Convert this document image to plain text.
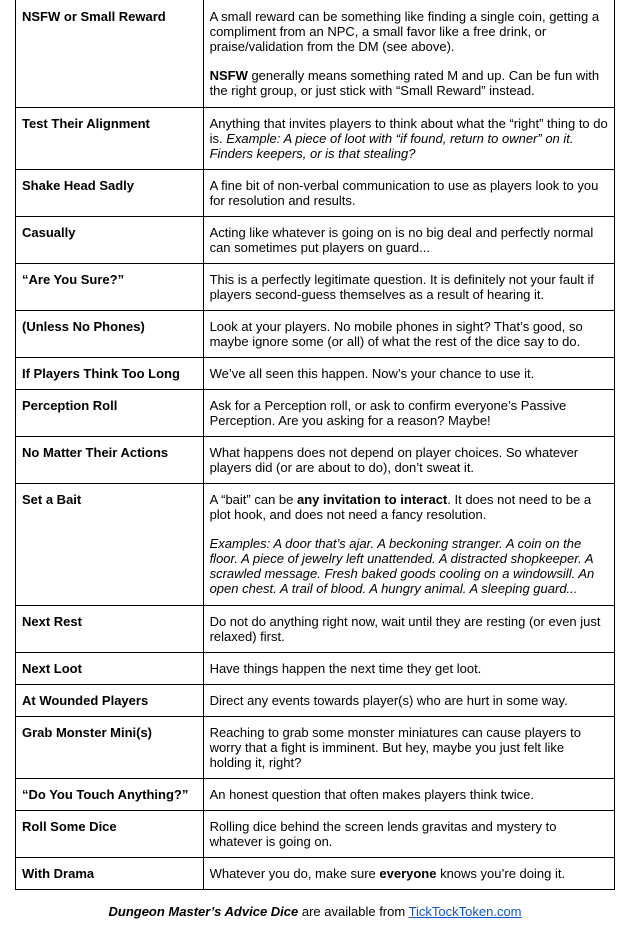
NSFW or Small Reward	A small reward can be something like finding a single coin, getting a compliment from an NPC, a small favor like a free drink, or praise/validation from the DM (see above).

NSFW generally means something rated M and up. Can be fun with the right group, or just stick with “Small Reward” instead.

Test Their Alignment	Anything that invites players to think about what the “right” thing to do is. Example: A piece of loot with “if found, return to owner” on it. Finders keepers, or is that stealing?
Shake Head Sadly	A fine bit of non-verbal communication to use as players look to you for resolution and results.
Casually	Acting like whatever is going on is no big deal and perfectly normal can sometimes put players on guard...
“Are You Sure?”	This is a perfectly legitimate question. It is definitely not your fault if players second-guess themselves as a result of hearing it.
(Unless No Phones)	Look at your players. No mobile phones in sight? That’s good, so maybe ignore some (or all) of what the rest of the dice say to do.
If Players Think Too Long	We’ve all seen this happen. Now’s your chance to use it.
Perception Roll	Ask for a Perception roll, or ask to confirm everyone’s Passive Perception. Are you asking for a reason? Maybe!
No Matter Their Actions	What happens does not depend on player choices. So whatever players did (or are about to do), don’t sweat it.
Set a Bait	A “bait” can be any invitation to interact. It does not need to be a plot hook, and does not need a fancy resolution.

Examples: A door that’s ajar. A beckoning stranger. A coin on the floor. A piece of jewelry left unattended. A distracted shopkeeper. A scrawled message. Fresh baked goods cooling on a windowsill. An open chest. A trail of blood. A hungry animal. A sleeping guard...

Next Rest	Do not do anything right now, wait until they are resting (or even just relaxed) first.
Next Loot	Have things happen the next time they get loot.
At Wounded Players	Direct any events towards player(s) who are hurt in some way.
Grab Monster Mini(s)	Reaching to grab some monster miniatures can cause players to worry that a fight is imminent. But hey, maybe you just felt like holding it, right?
“Do You Touch Anything?”	An honest question that often makes players think twice.
Roll Some Dice	Rolling dice behind the screen lends gravitas and mystery to whatever is going on.
With Drama	Whatever you do, make sure everyone knows you’re doing it.
Dungeon Master’s Advice Dice are available from TickTockToken.com
